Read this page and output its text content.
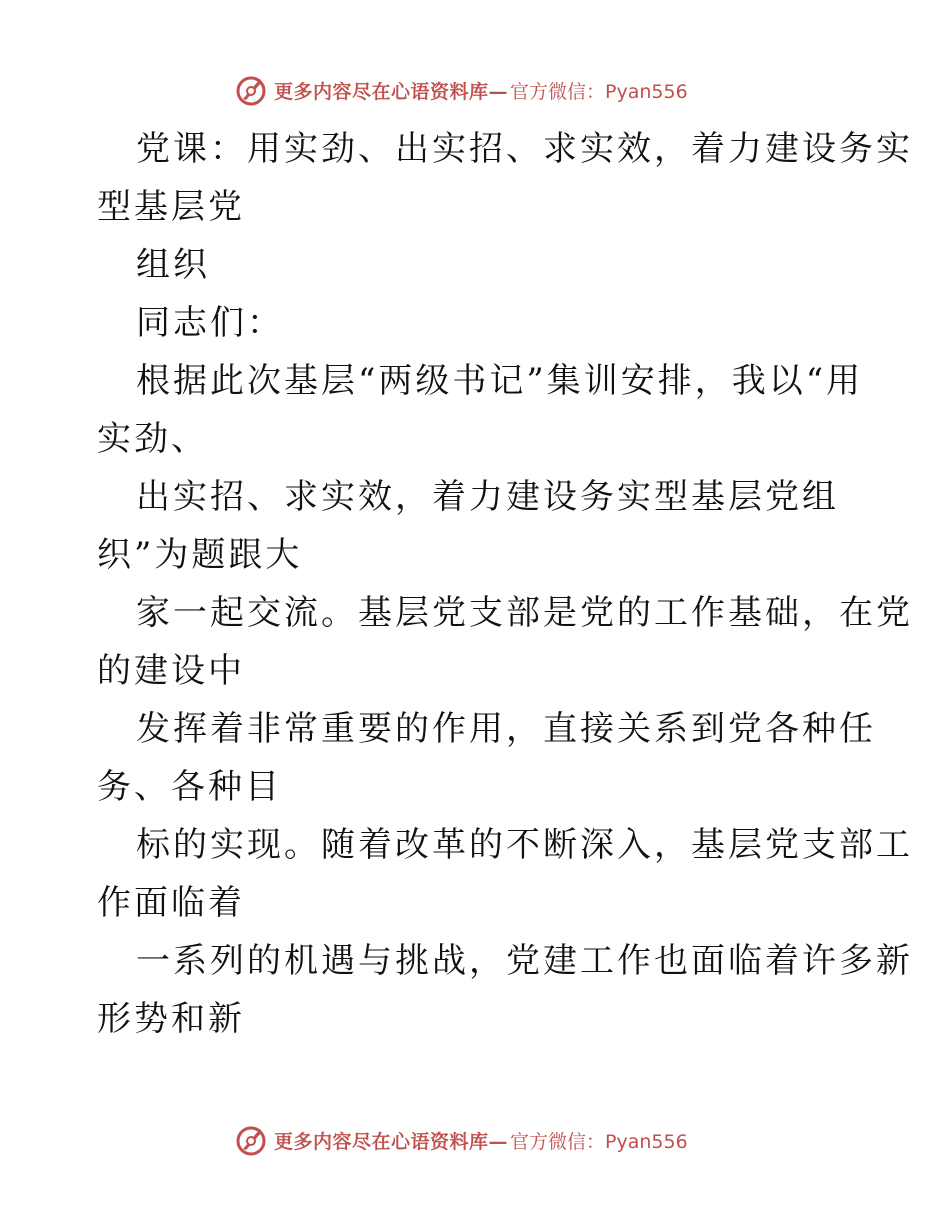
更多内容尽在心语资料库— 官方微信：Pyan556
党课：用实劲、出实招、求实效，着力建设务实
型基层党
组织
同志们：
根据此次基层“两级书记”集训安排，我以“用
实劲、
出实招、求实效，着力建设务实型基层党组
织”为题跟大
家一起交流。基层党支部是党的工作基础，在党
的建设中
发挥着非常重要的作用，直接关系到党各种任
务、各种目
标的实现。随着改革的不断深入，基层党支部工
作面临着
一系列的机遇与挑战，党建工作也面临着许多新
形势和新
更多内容尽在心语资料库— 官方微信：Pyan556
